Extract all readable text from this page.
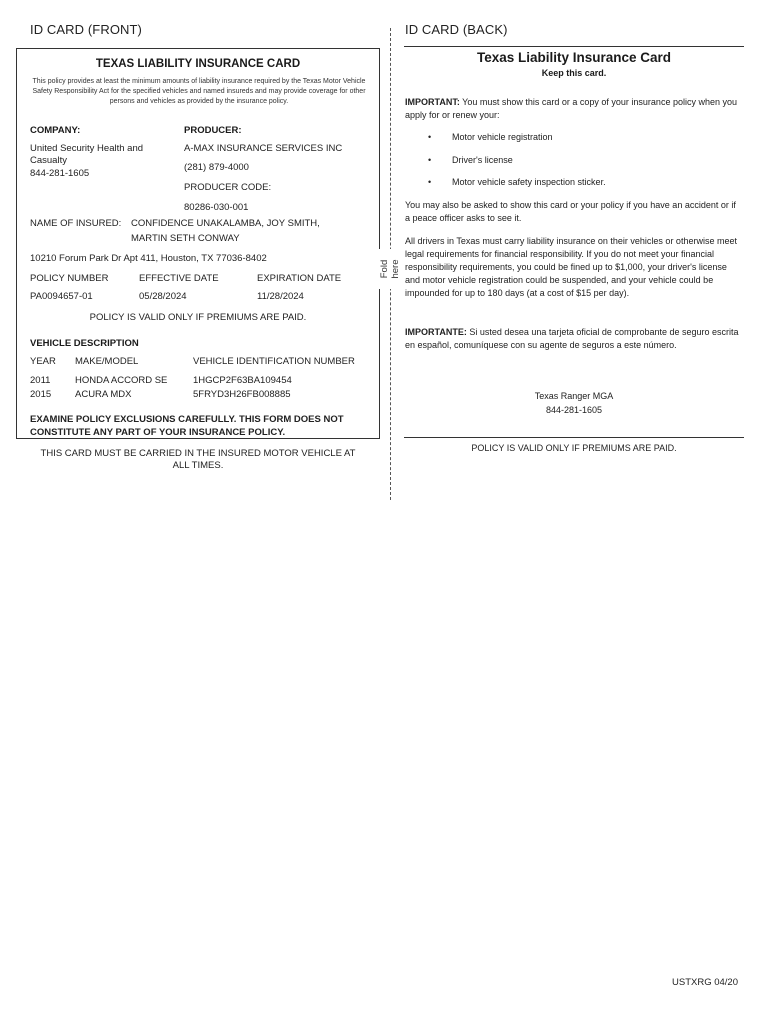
ID CARD (FRONT)
TEXAS LIABILITY INSURANCE CARD
This policy provides at least the minimum amounts of liability insurance required by the Texas Motor Vehicle Safety Responsibility Act for the specified vehicles and named insureds and may provide coverage for other persons and vehicles as provided by the insurance policy.
COMPANY:
United Security Health and Casualty
844-281-1605
PRODUCER:
A-MAX INSURANCE SERVICES INC
(281) 879-4000
PRODUCER CODE:
80286-030-001
NAME OF INSURED: CONFIDENCE UNAKALAMBA, JOY SMITH,
MARTIN SETH CONWAY
10210 Forum Park Dr Apt 411, Houston, TX 77036-8402
POLICY NUMBER	EFFECTIVE DATE	EXPIRATION DATE
PA0094657-01	05/28/2024	11/28/2024
POLICY IS VALID ONLY IF PREMIUMS ARE PAID.
VEHICLE DESCRIPTION
YEAR MAKE/MODEL	VEHICLE IDENTIFICATION NUMBER
2011	HONDA ACCORD SE	1HGCP2F63BA109454
2015	ACURA MDX	5FRYD3H26FB008885
EXAMINE POLICY EXCLUSIONS CAREFULLY. THIS FORM DOES NOT CONSTITUTE ANY PART OF YOUR INSURANCE POLICY.
THIS CARD MUST BE CARRIED IN THE INSURED MOTOR VEHICLE AT
ALL TIMES.
Fold here
ID CARD (BACK)
Texas Liability Insurance Card
Keep this card.
IMPORTANT: You must show this card or a copy of your insurance policy when you apply for or renew your:
• Motor vehicle registration
• Driver's license
• Motor vehicle safety inspection sticker.
You may also be asked to show this card or your policy if you have an accident or if a peace officer asks to see it.
All drivers in Texas must carry liability insurance on their vehicles or otherwise meet legal requirements for financial responsibility. If you do not meet your financial responsibility requirements, you could be fined up to $1,000, your driver's license and motor vehicle registration could be suspended, and your vehicle could be impounded for up to 180 days (at a cost of $15 per day).
IMPORTANTE: Si usted desea una tarjeta oficial de comprobante de seguro escrita en español, comuníquese con su agente de seguros a este número.
Texas Ranger MGA
844-281-1605
POLICY IS VALID ONLY IF PREMIUMS ARE PAID.
USTXRG 04/20
